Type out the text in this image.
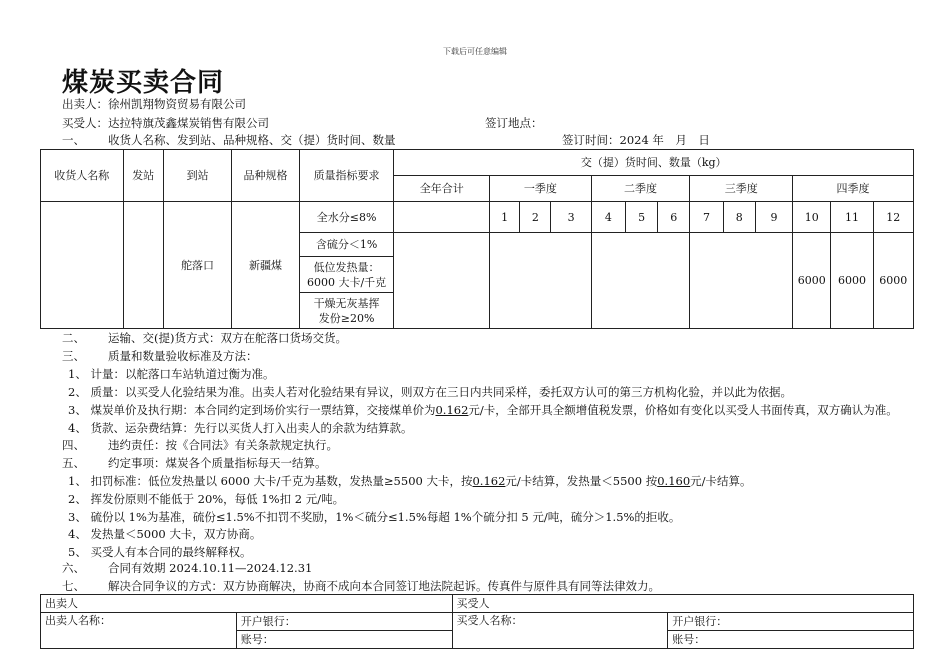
下载后可任意编辑
煤炭买卖合同
出卖人：徐州凯翔物资贸易有限公司
买受人：达拉特旗茂鑫煤炭销售有限公司	签订地点：
一、 收货人名称、发到站、品种规格、交（提）货时间、数量	签订时间：2024 年　月　日
收货人名称	发站	到站	品种规格	质量指标要求	交（提）货时间、数量（kg）												
					全年合计	一季度			二季度			三季度			四季度		
		舵落口	新疆煤	全水分≤8%		1	2	3	4	5	6	7	8	9	10	11	12
				含硫分＜1%											6000	6000	6000

				低位发热量：
6000 大卡/千克													

				干燥无灰基挥
发份≥20%													
二、 运输、交(提)货方式：双方在舵落口货场交货。
三、 质量和数量验收标准及方法：
1、 计量：以舵落口车站轨道过衡为准。
2、 质量：以买受人化验结果为准。出卖人若对化验结果有异议，则双方在三日内共同采样，委托双方认可的第三方机构化验，并以此为依据。
3、 煤炭单价及执行期：本合同约定到场价实行一票结算，交接煤单价为0.162元/卡，全部开具全额增值税发票，价格如有变化以买受人书面传真，双方确认为准。
4、 货款、运杂费结算：先行以买货人打入出卖人的余款为结算款。
四、 违约责任：按《合同法》有关条款规定执行。
五、 约定事项：煤炭各个质量指标每天一结算。
1、 扣罚标准：低位发热量以 6000 大卡/千克为基数，发热量≥5500 大卡，按0.162元/卡结算，发热量＜5500 按0.160元/卡结算。
2、 挥发份原则不能低于 20%，每低 1%扣 2 元/吨。
3、 硫份以 1%为基准，硫份≤1.5%不扣罚不奖励，1%＜硫分≤1.5%每超 1%个硫分扣 5 元/吨，硫分＞1.5%的拒收。
4、 发热量＜5000 大卡，双方协商。
5、 买受人有本合同的最终解释权。
六、 合同有效期 2024.10.11—2024.12.31
七、 解决合同争议的方式：双方协商解决，协商不成向本合同签订地法院起诉。传真件与原件具有同等法律效力。
出卖人		买受人	
出卖人名称：	开户银行：	买受人名称：	开户银行：
	账号：		账号：
